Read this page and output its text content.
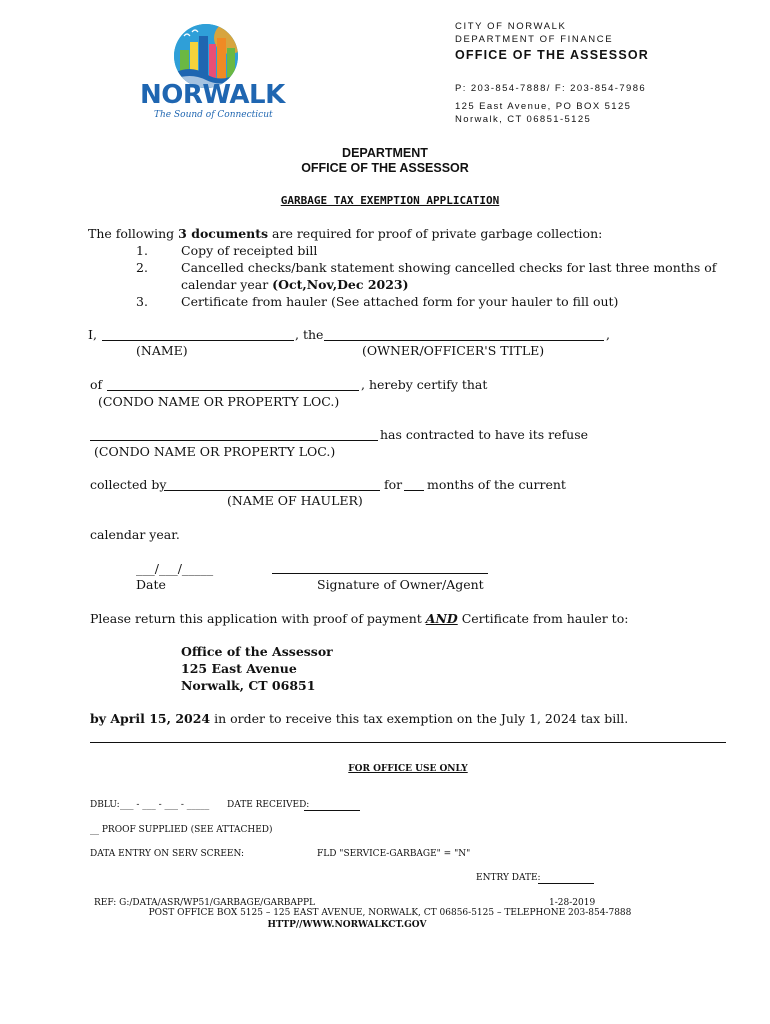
NORWALK
The Sound of Connecticut
CITY OF NORWALK
DEPARTMENT OF FINANCE
OFFICE OF THE ASSESSOR
P: 203-854-7888/ F: 203-854-7986
125 East Avenue, PO BOX 5125
Norwalk, CT 06851-5125
DEPARTMENT
OFFICE OF THE ASSESSOR
GARBAGE TAX EXEMPTION APPLICATION
The following 3 documents are required for proof of private garbage collection:
1.	Copy of receipted bill
2.	Cancelled checks/bank statement showing cancelled checks for last three months of
calendar year (Oct,Nov,Dec 2023)
3.	Certificate from hauler (See attached form for your hauler to fill out)
I,	, the	,
(NAME)	(OWNER/OFFICER'S TITLE)
of	, hereby certify that
(CONDO NAME OR PROPERTY LOC.)
has contracted to have its refuse
(CONDO NAME OR PROPERTY LOC.)
collected by	for months of the current
(NAME OF HAULER)
calendar year.
___/___/_____
Date	Signature of Owner/Agent
Please return this application with proof of payment AND Certificate from hauler to:
Office of the Assessor
125 East Avenue
Norwalk, CT 06851
by April 15, 2024 in order to receive this tax exemption on the July 1, 2024 tax bill.
FOR OFFICE USE ONLY
DBLU: ___ - ___ - ___ - _____ DATE RECEIVED:
__ PROOF SUPPLIED (SEE ATTACHED)
DATA ENTRY ON SERV SCREEN:	FLD "SERVICE-GARBAGE" = "N"
ENTRY DATE:
REF: G:/DATA/ASR/WP51/GARBAGE/GARBAPPL	1-28-2019
POST OFFICE BOX 5125 – 125 EAST AVENUE, NORWALK, CT 06856-5125 – TELEPHONE 203-854-7888
HTTP//WWW.NORWALKCT.GOV
